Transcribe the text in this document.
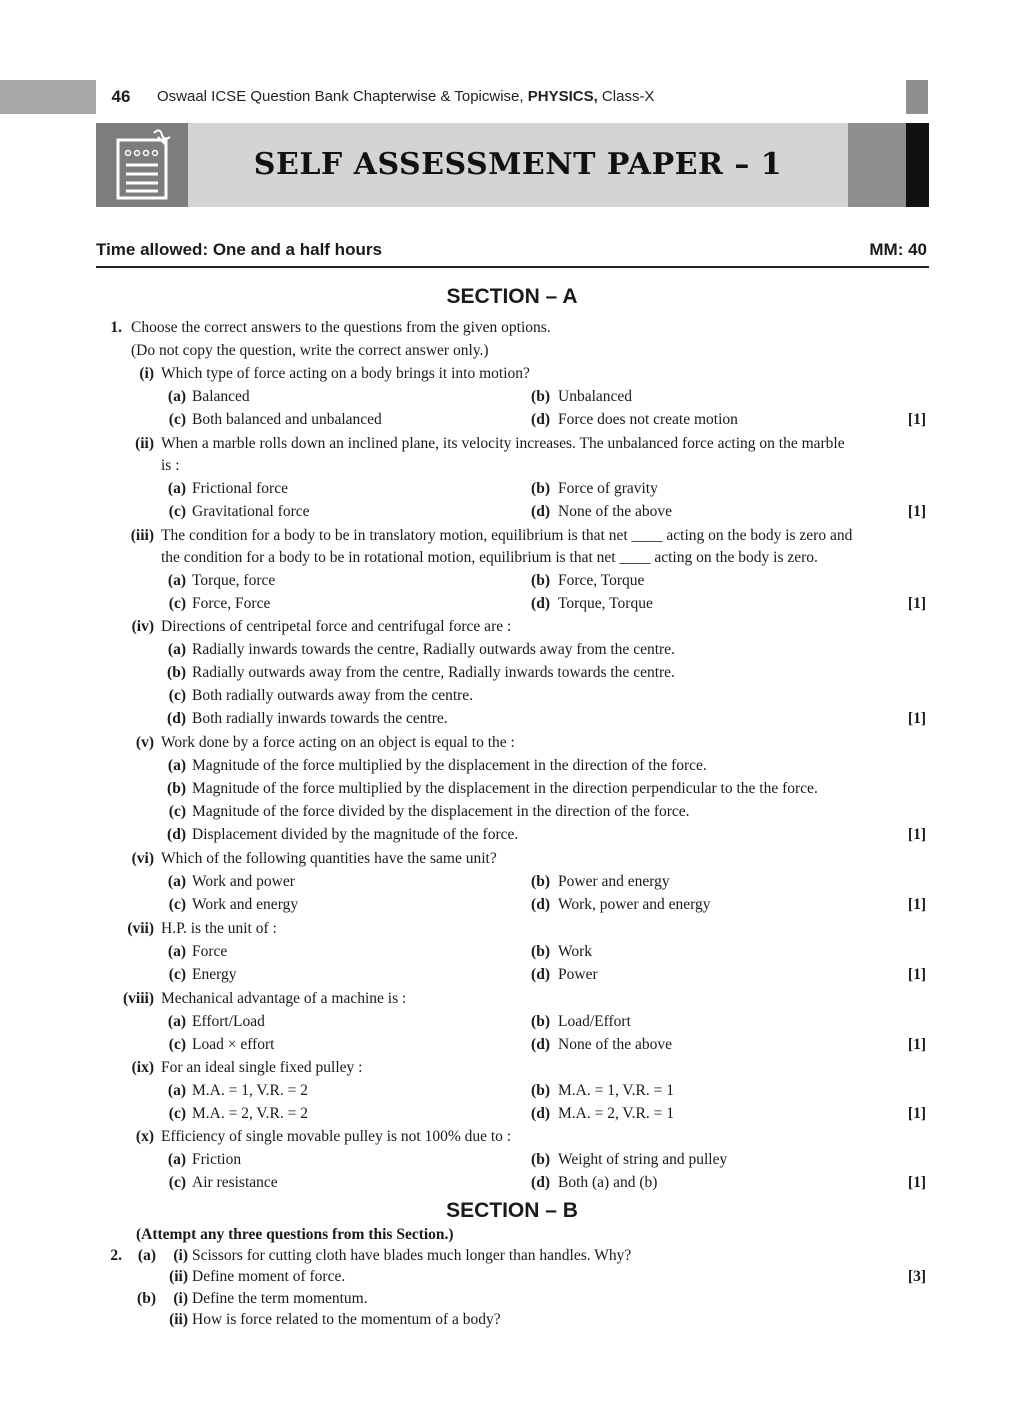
46	Oswaal ICSE Question Bank Chapterwise & Topicwise, PHYSICS, Class-X
SELF ASSESSMENT PAPER – 1
Time allowed: One and a half hours	MM: 40
SECTION – A
1. Choose the correct answers to the questions from the given options.
(Do not copy the question, write the correct answer only.)
(i) Which type of force acting on a body brings it into motion?
(a) Balanced	(b) Unbalanced
(c) Both balanced and unbalanced	(d) Force does not create motion	[1]
(ii) When a marble rolls down an inclined plane, its velocity increases. The unbalanced force acting on the marble
is :
(a) Frictional force	(b) Force of gravity
(c) Gravitational force	(d) None of the above	[1]
(iii) The condition for a body to be in translatory motion, equilibrium is that net ____ acting on the body is zero and
the condition for a body to be in rotational motion, equilibrium is that net ____ acting on the body is zero.
(a) Torque, force	(b) Force, Torque
(c) Force, Force	(d) Torque, Torque	[1]
(iv) Directions of centripetal force and centrifugal force are :
(a) Radially inwards towards the centre, Radially outwards away from the centre.
(b) Radially outwards away from the centre, Radially inwards towards the centre.
(c) Both radially outwards away from the centre.
(d) Both radially inwards towards the centre.	[1]
(v) Work done by a force acting on an object is equal to the :
(a) Magnitude of the force multiplied by the displacement in the direction of the force.
(b) Magnitude of the force multiplied by the displacement in the direction perpendicular to the the force.
(c) Magnitude of the force divided by the displacement in the direction of the force.
(d) Displacement divided by the magnitude of the force.	[1]
(vi) Which of the following quantities have the same unit?
(a) Work and power	(b) Power and energy
(c) Work and energy	(d) Work, power and energy	[1]
(vii) H.P. is the unit of :
(a) Force	(b) Work
(c) Energy	(d) Power	[1]
(viii) Mechanical advantage of a machine is :
(a) Effort/Load	(b) Load/Effort
(c) Load × effort	(d) None of the above	[1]
(ix) For an ideal single fixed pulley :
(a) M.A. = 1, V.R. = 2	(b) M.A. = 1, V.R. = 1
(c) M.A. = 2, V.R. = 2	(d) M.A. = 2, V.R. = 1	[1]
(x) Efficiency of single movable pulley is not 100% due to :
(a) Friction	(b) Weight of string and pulley
(c) Air resistance	(d) Both (a) and (b)	[1]
SECTION – B
(Attempt any three questions from this Section.)
2.	(a)	(i) Scissors for cutting cloth have blades much longer than handles. Why?
(ii) Define moment of force.	[3]
(b)	(i) Define the term momentum.
(ii) How is force related to the momentum of a body?
